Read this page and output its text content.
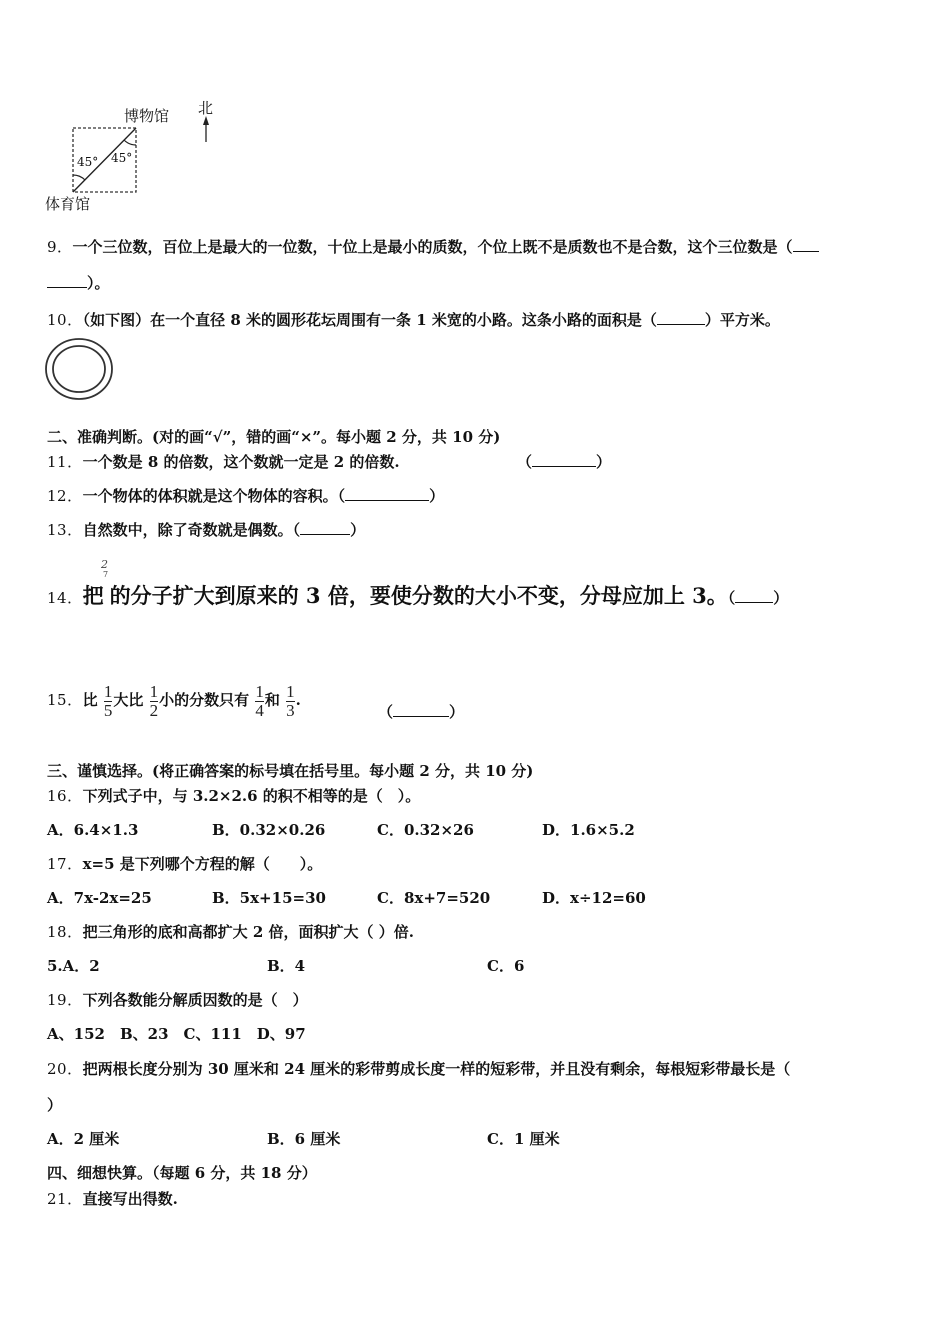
博物馆 北
体育馆
45° 45°
9．一个三位数，百位上是最大的一位数，十位上是最小的质数，个位上既不是质数也不是合数，这个三位数是（
）。
10．（如下图）在一个直径 8 米的圆形花坛周围有一条 1 米宽的小路。这条小路的面积是（	）平方米。
二、准确判断。(对的画“√”，错的画“×”。每小题 2 分，共 10 分)
11．一个数是 8 的倍数，这个数就一定是 2 的倍数.	（	）
12．一个物体的体积就是这个物体的容积。（	）
13．自然数中，除了奇数就是偶数。（	）
2
7
14．把 的分子扩大到原来的 3 倍，要使分数的大小不变，分母应加上 3。（	）
15．比 $\frac{1}{5}$ 大比 $\frac{1}{2}$ 小的分数只有 $\frac{1}{4}$ 和 $\frac{1}{3}$ .
（	）
三、谨慎选择。(将正确答案的标号填在括号里。每小题 2 分，共 10 分)
16．下列式子中，与 3.2×2.6 的积不相等的是（　）。
A．6.4×1.3	B．0.32×0.26	C．0.32×26	D．1.6×5.2
17．x=5 是下列哪个方程的解（　　）。
A．7x-2x=25	B．5x+15=30	C．8x+7=520	D．x÷12=60
18．把三角形的底和高都扩大 2 倍，面积扩大（ ）倍.
5.A．2	B．4	C．6
19．下列各数能分解质因数的是（　）
A、152　B、23　C、111　D、97
20．把两根长度分别为 30 厘米和 24 厘米的彩带剪成长度一样的短彩带，并且没有剩余，每根短彩带最长是（
）
A．2 厘米	B．6 厘米	C．1 厘米
四、细想快算。（每题 6 分，共 18 分）
21．直接写出得数.
